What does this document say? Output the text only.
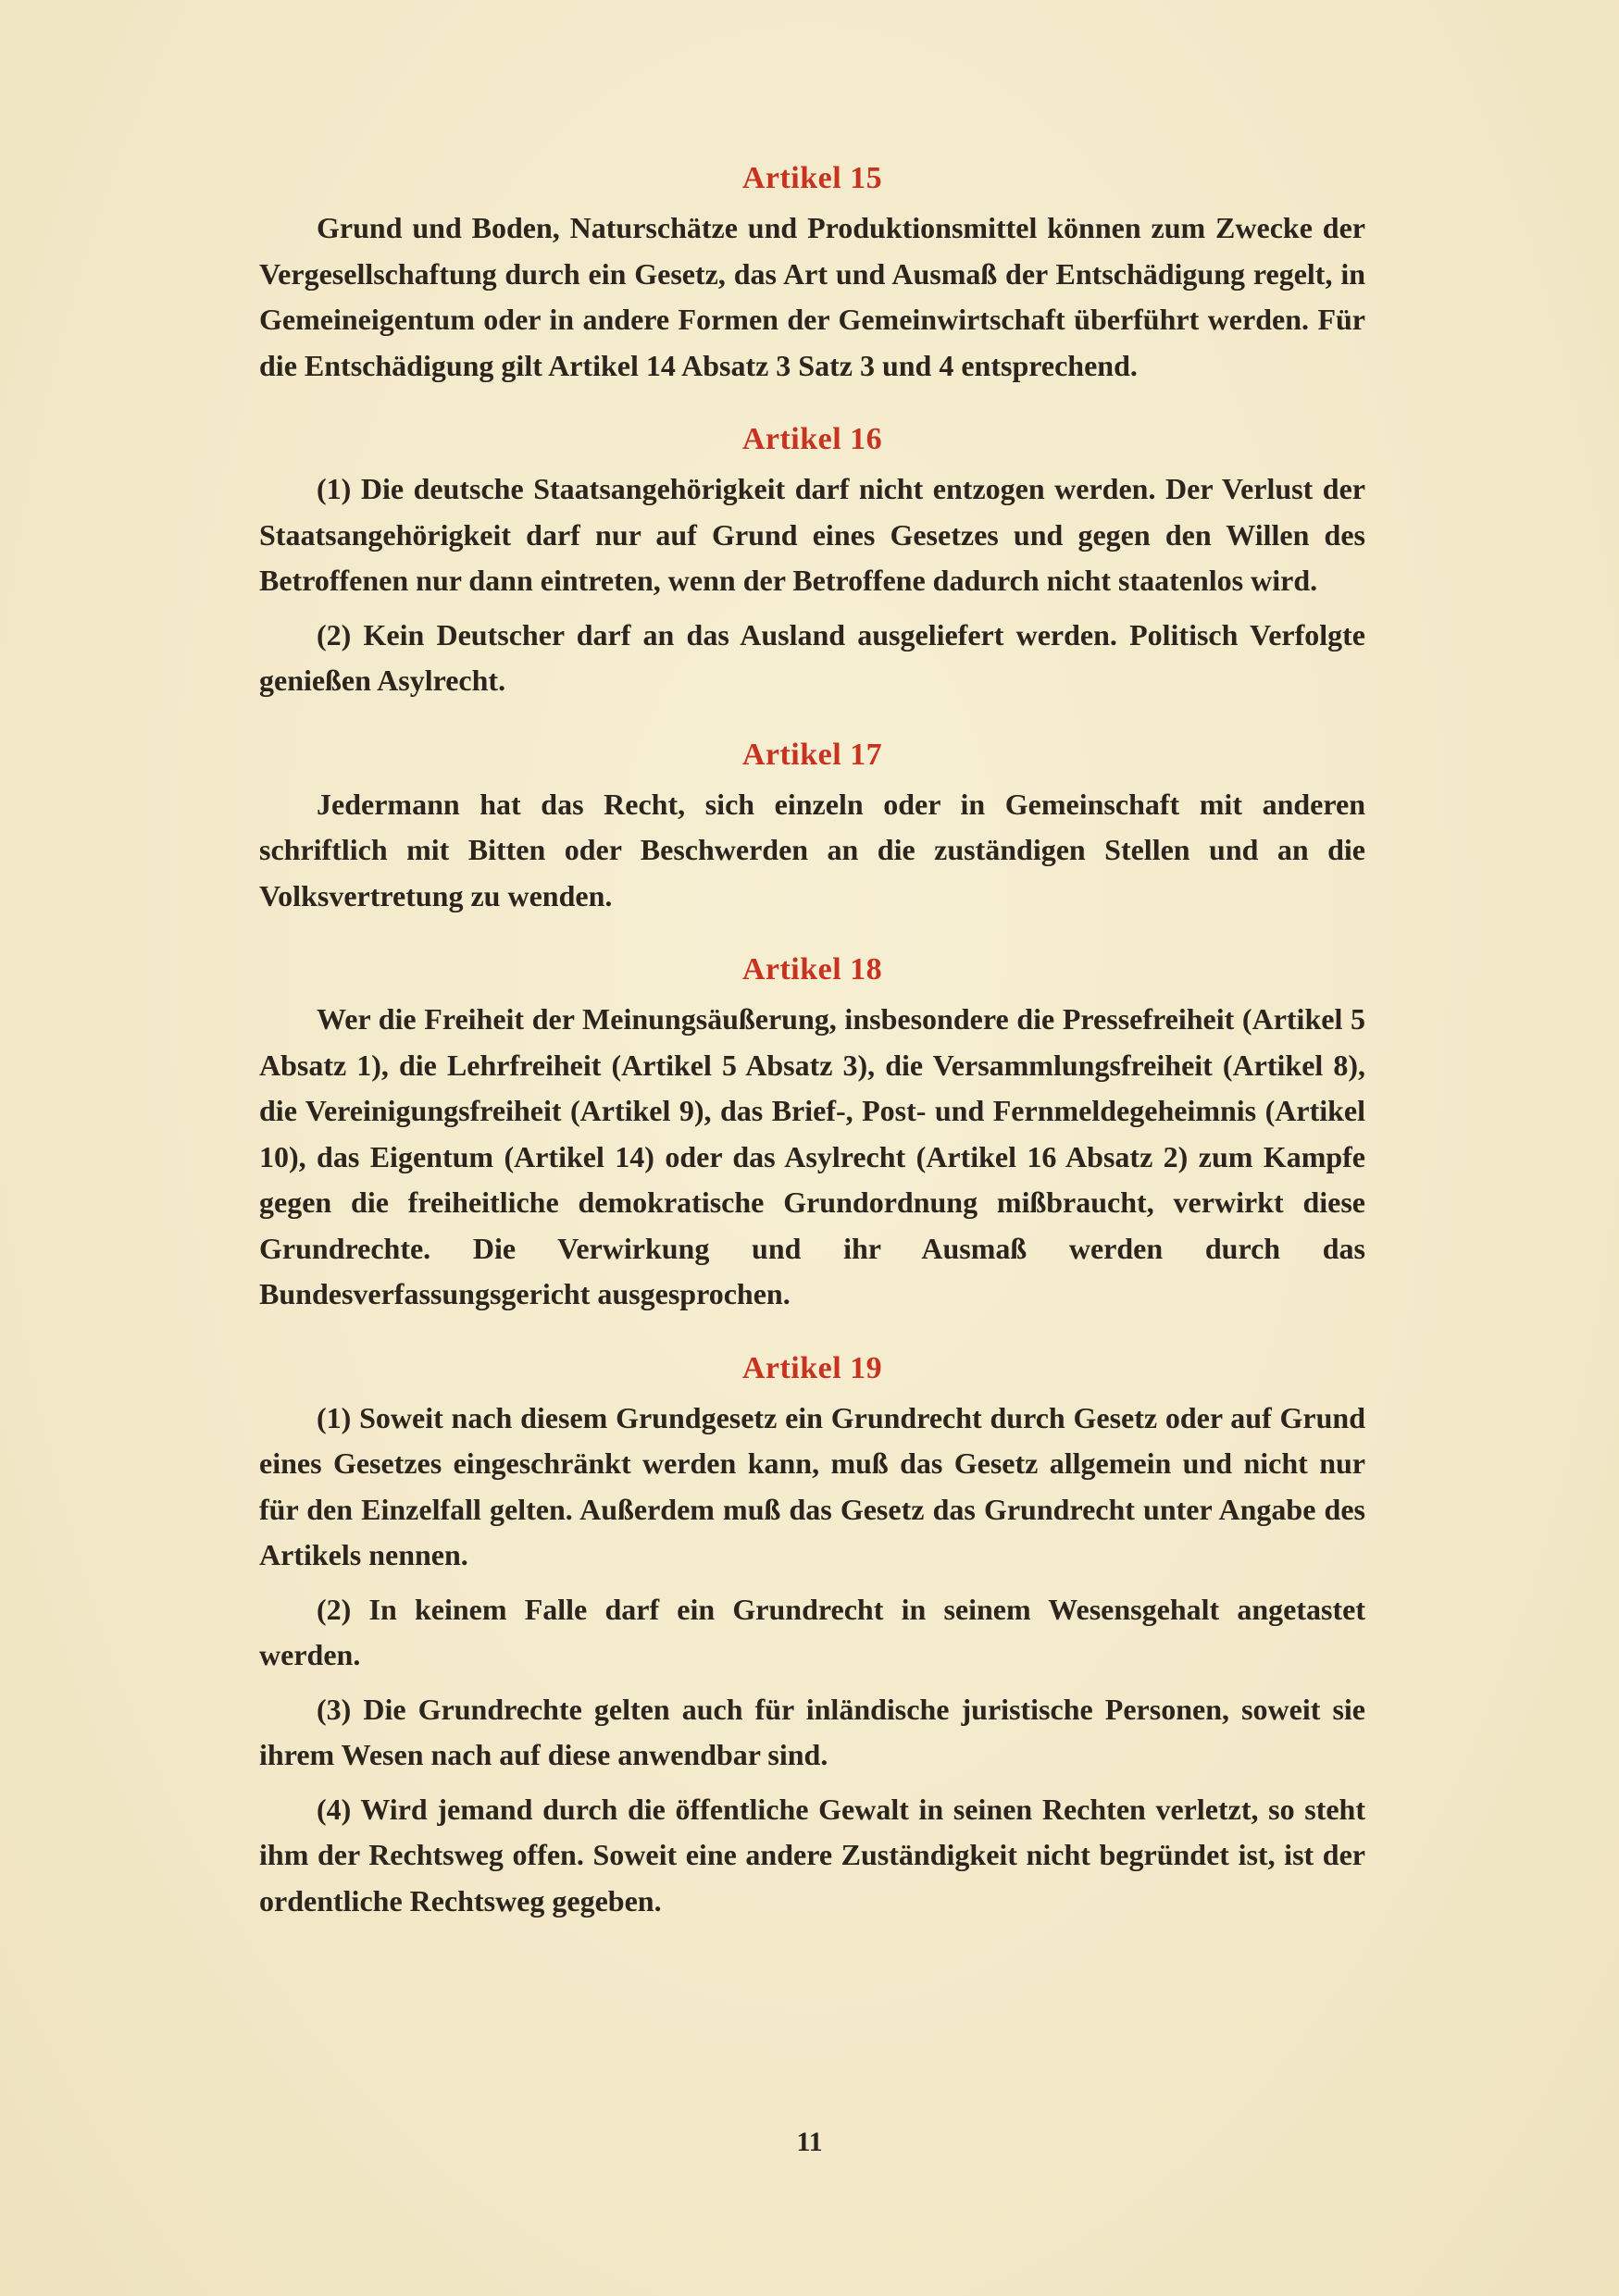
Artikel 15

Grund und Boden, Naturschätze und Produktionsmittel können zum Zwecke der Vergesellschaftung durch ein Gesetz, das Art und Ausmaß der Entschädigung regelt, in Gemeineigentum oder in andere Formen der Gemeinwirtschaft überführt werden. Für die Entschädigung gilt Artikel 14 Absatz 3 Satz 3 und 4 entsprechend.

Artikel 16

(1) Die deutsche Staatsangehörigkeit darf nicht entzogen werden. Der Verlust der Staatsangehörigkeit darf nur auf Grund eines Gesetzes und gegen den Willen des Betroffenen nur dann eintreten, wenn der Betroffene dadurch nicht staatenlos wird.

(2) Kein Deutscher darf an das Ausland ausgeliefert werden. Politisch Verfolgte genießen Asylrecht.

Artikel 17

Jedermann hat das Recht, sich einzeln oder in Gemeinschaft mit anderen schriftlich mit Bitten oder Beschwerden an die zuständigen Stellen und an die Volksvertretung zu wenden.

Artikel 18

Wer die Freiheit der Meinungsäußerung, insbesondere die Pressefreiheit (Artikel 5 Absatz 1), die Lehrfreiheit (Artikel 5 Absatz 3), die Versammlungsfreiheit (Artikel 8), die Vereinigungsfreiheit (Artikel 9), das Brief-, Post- und Fernmeldegeheimnis (Artikel 10), das Eigentum (Artikel 14) oder das Asylrecht (Artikel 16 Absatz 2) zum Kampfe gegen die freiheitliche demokratische Grundordnung mißbraucht, verwirkt diese Grundrechte. Die Verwirkung und ihr Ausmaß werden durch das Bundesverfassungsgericht ausgesprochen.

Artikel 19

(1) Soweit nach diesem Grundgesetz ein Grundrecht durch Gesetz oder auf Grund eines Gesetzes eingeschränkt werden kann, muß das Gesetz allgemein und nicht nur für den Einzelfall gelten. Außerdem muß das Gesetz das Grundrecht unter Angabe des Artikels nennen.

(2) In keinem Falle darf ein Grundrecht in seinem Wesensgehalt angetastet werden.

(3) Die Grundrechte gelten auch für inländische juristische Personen, soweit sie ihrem Wesen nach auf diese anwendbar sind.

(4) Wird jemand durch die öffentliche Gewalt in seinen Rechten verletzt, so steht ihm der Rechtsweg offen. Soweit eine andere Zuständigkeit nicht begründet ist, ist der ordentliche Rechtsweg gegeben.

11
